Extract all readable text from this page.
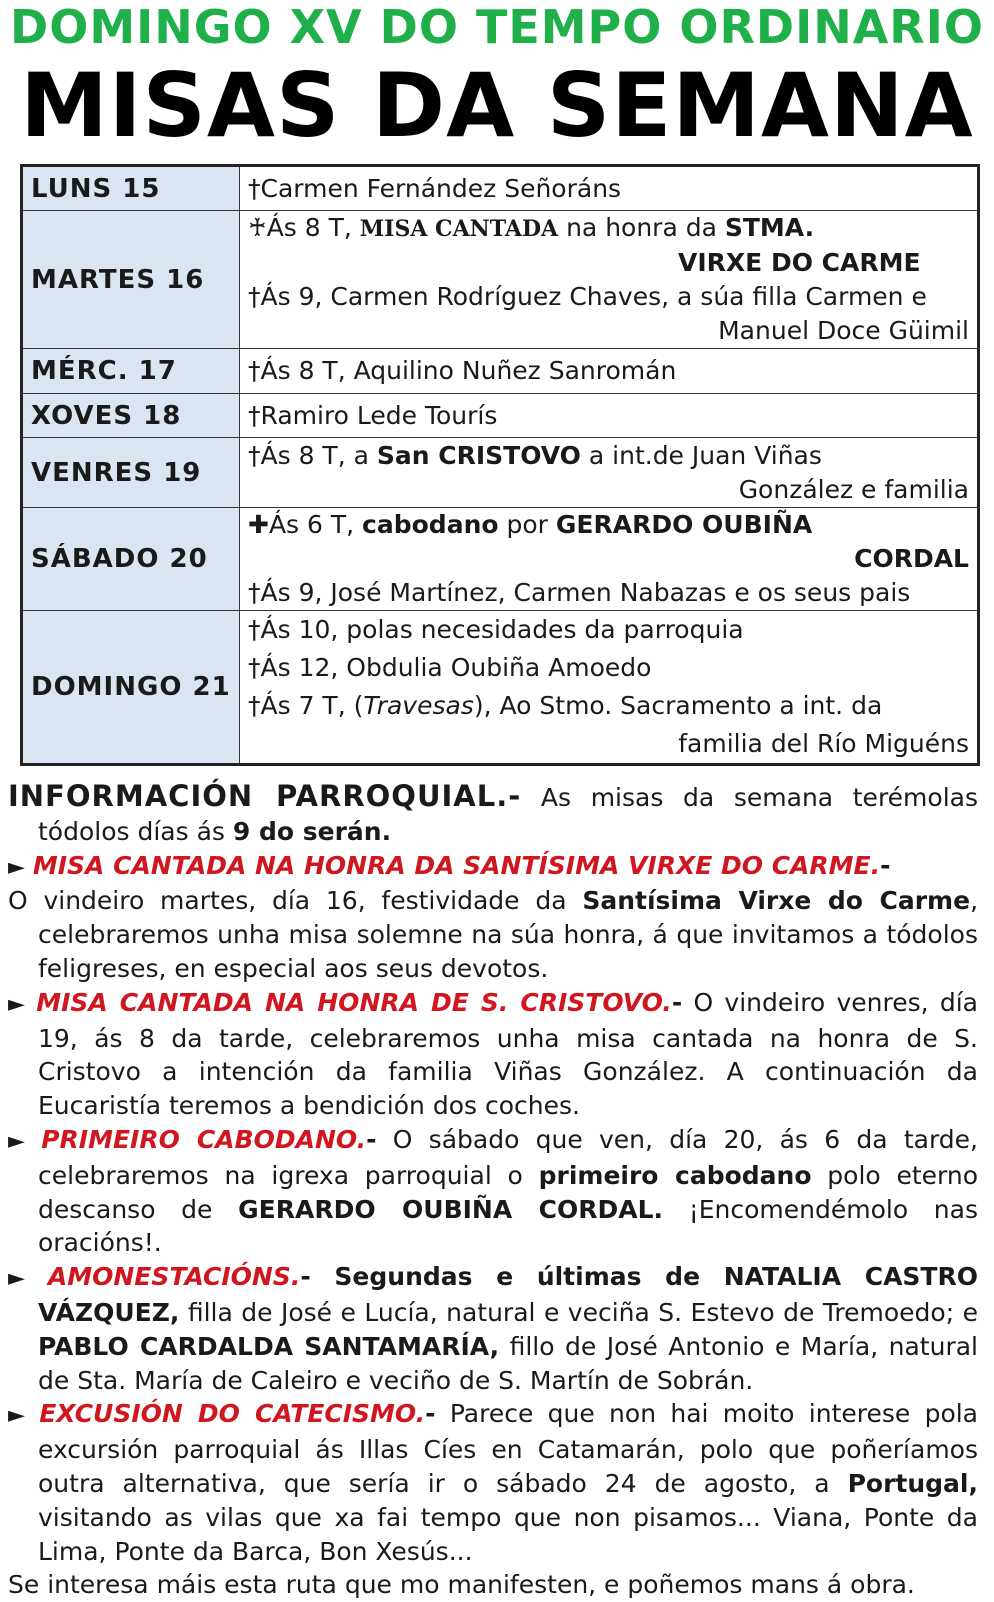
DOMINGO XV DO TEMPO ORDINARIO
MISAS DA SEMANA
LUNS 15	†Carmen Fernández Señoráns

MARTES 16	♰Ás 8 T, MISA CANTADA na honra da STMA.
VIRXE DO CARME
†Ás 9, Carmen Rodríguez Chaves, a súa filla Carmen e
Manuel Doce Güimil

MÉRC. 17	†Ás 8 T, Aquilino Nuñez Sanromán

XOVES 18	†Ramiro Lede Tourís

VENRES 19	†Ás 8 T, a San CRISTOVO a int.de Juan Viñas
González e familia

SÁBADO 20	✚Ás 6 T, cabodano por GERARDO OUBIÑA
CORDAL
†Ás 9, José Martínez, Carmen Nabazas e os seus pais

DOMINGO 21	†Ás 10, polas necesidades da parroquia
†Ás 12, Obdulia Oubiña Amoedo
†Ás 7 T, (Travesas), Ao Stmo. Sacramento a int. da
familia del Río Miguéns

INFORMACIÓN PARROQUIAL.- As misas da semana terémolas tódolos días ás 9 do serán.

► MISA CANTADA NA HONRA DA SANTÍSIMA VIRXE DO CARME.-

O vindeiro martes, día 16, festividade da Santísima Virxe do Carme, celebraremos unha misa solemne na súa honra, á que invitamos a tódolos feligreses, en especial aos seus devotos.

► MISA CANTADA NA HONRA DE S. CRISTOVO.- O vindeiro venres, día 19, ás 8 da tarde, celebraremos unha misa cantada na honra de S. Cristovo a intención da familia Viñas González. A continuación da Eucaristía teremos a bendición dos coches.

► PRIMEIRO CABODANO.- O sábado que ven, día 20, ás 6 da tarde, celebraremos na igrexa parroquial o primeiro cabodano polo eterno descanso de GERARDO OUBIÑA CORDAL. ¡Encomendémolo nas oracións!.

► AMONESTACIÓNS.- Segundas e últimas de NATALIA CASTRO VÁZQUEZ, filla de José e Lucía, natural e veciña S. Estevo de Tremoedo; e PABLO CARDALDA SANTAMARÍA, fillo de José Antonio e María, natural de Sta. María de Caleiro e veciño de S. Martín de Sobrán.

► EXCUSIÓN DO CATECISMO.- Parece que non hai moito interese pola excursión parroquial ás Illas Cíes en Catamarán, polo que poñeríamos outra alternativa, que sería ir o sábado 24 de agosto, a Portugal, visitando as vilas que xa fai tempo que non pisamos... Viana, Ponte da Lima, Ponte da Barca, Bon Xesús...

Se interesa máis esta ruta que mo manifesten, e poñemos mans á obra.
